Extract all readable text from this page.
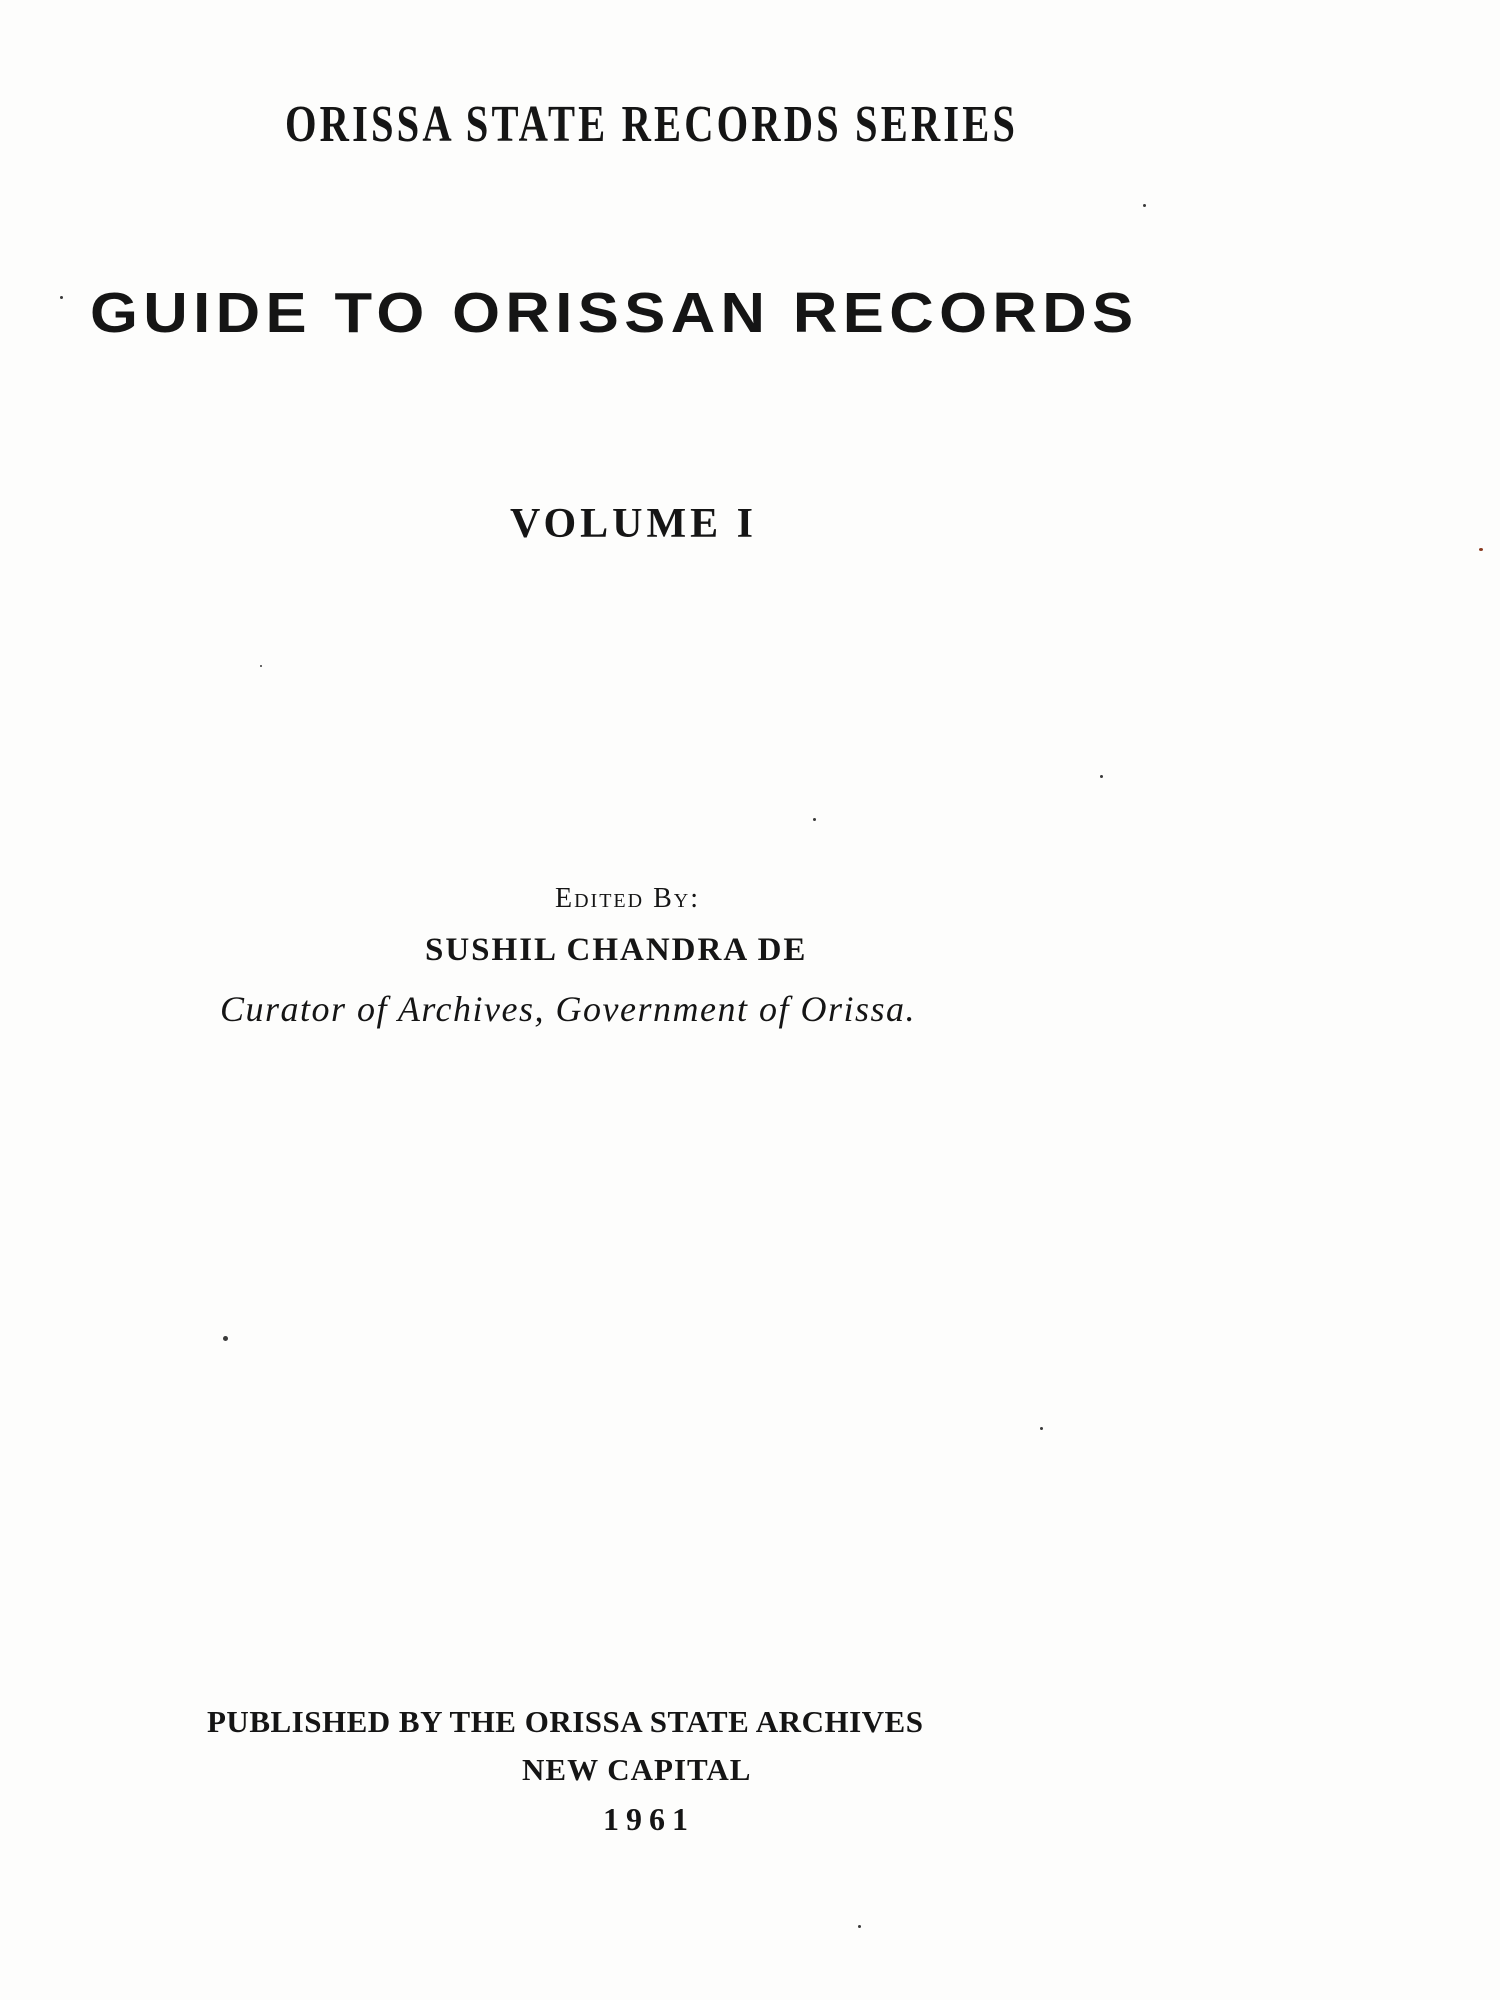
ORISSA STATE RECORDS SERIES

GUIDE TO ORISSAN RECORDS

VOLUME I

Edited By:

SUSHIL CHANDRA DE

Curator of Archives, Government of Orissa.

PUBLISHED BY THE ORISSA STATE ARCHIVES

NEW CAPITAL

1961
